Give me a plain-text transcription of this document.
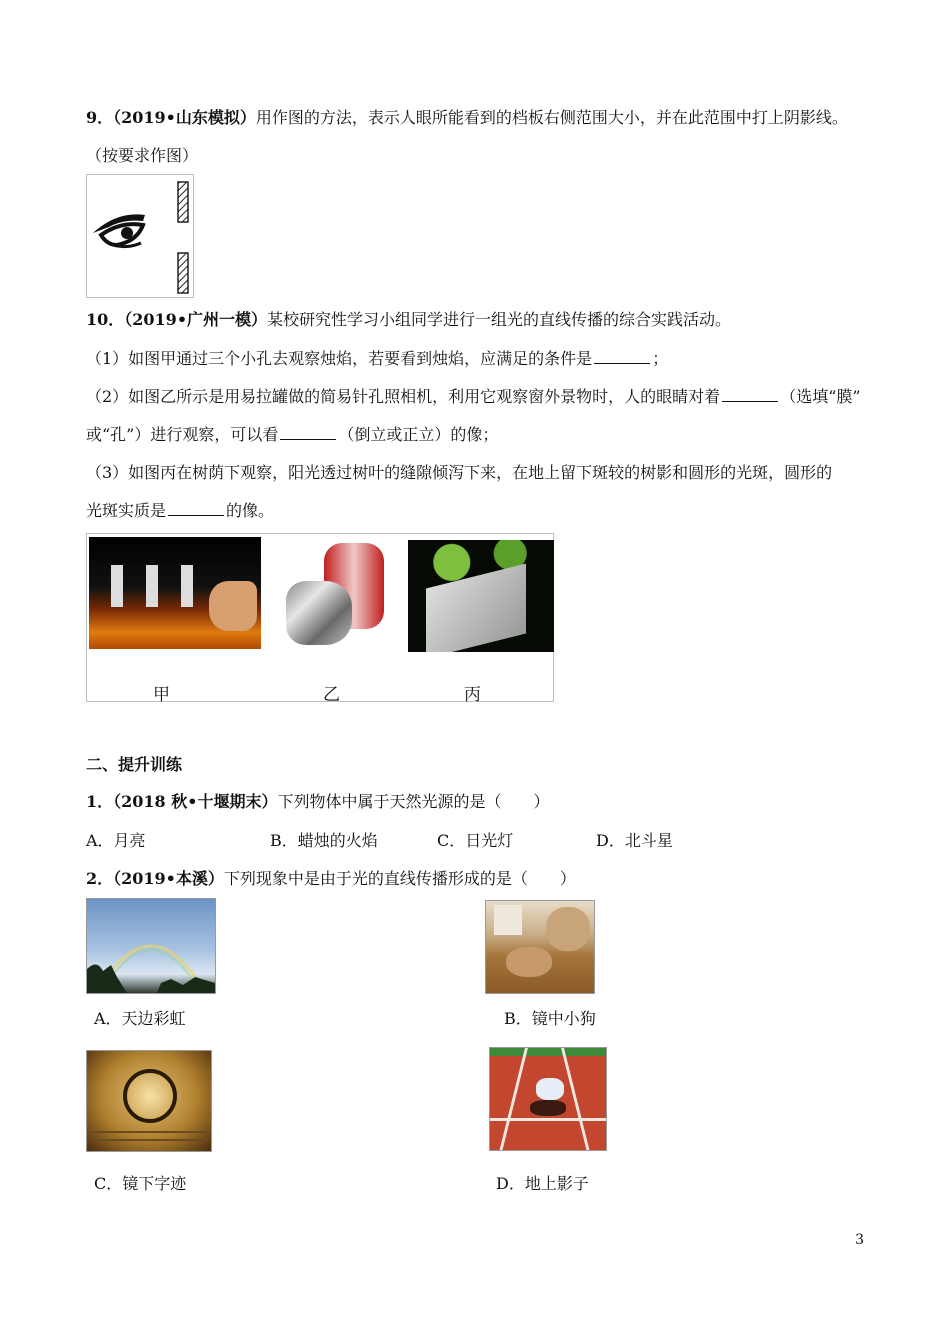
9．（2019•山东模拟）用作图的方法，表示人眼所能看到的档板右侧范围大小，并在此范围中打上阴影线。
（按要求作图）
10．（2019•广州一模）某校研究性学习小组同学进行一组光的直线传播的综合实践活动。
（1）如图甲通过三个小孔去观察烛焰，若要看到烛焰，应满足的条件是	；
（2）如图乙所示是用易拉罐做的简易针孔照相机，利用它观察窗外景物时，人的眼睛对着	（选填“膜”
或“孔”）进行观察，可以看	（倒立或正立）的像；
（3）如图丙在树荫下观察，阳光透过树叶的缝隙倾泻下来，在地上留下斑较的树影和圆形的光斑，圆形的
光斑实质是	的像。
甲	乙	丙
二、提升训练
1．（2018 秋•十堰期末）下列物体中属于天然光源的是（　　）
A．月亮	B．蜡烛的火焰	C．日光灯	D．北斗星
2．（2019•本溪）下列现象中是由于光的直线传播形成的是（　　）
A．天边彩虹	B．镜中小狗
C．镜下字迹	D．地上影子
3
